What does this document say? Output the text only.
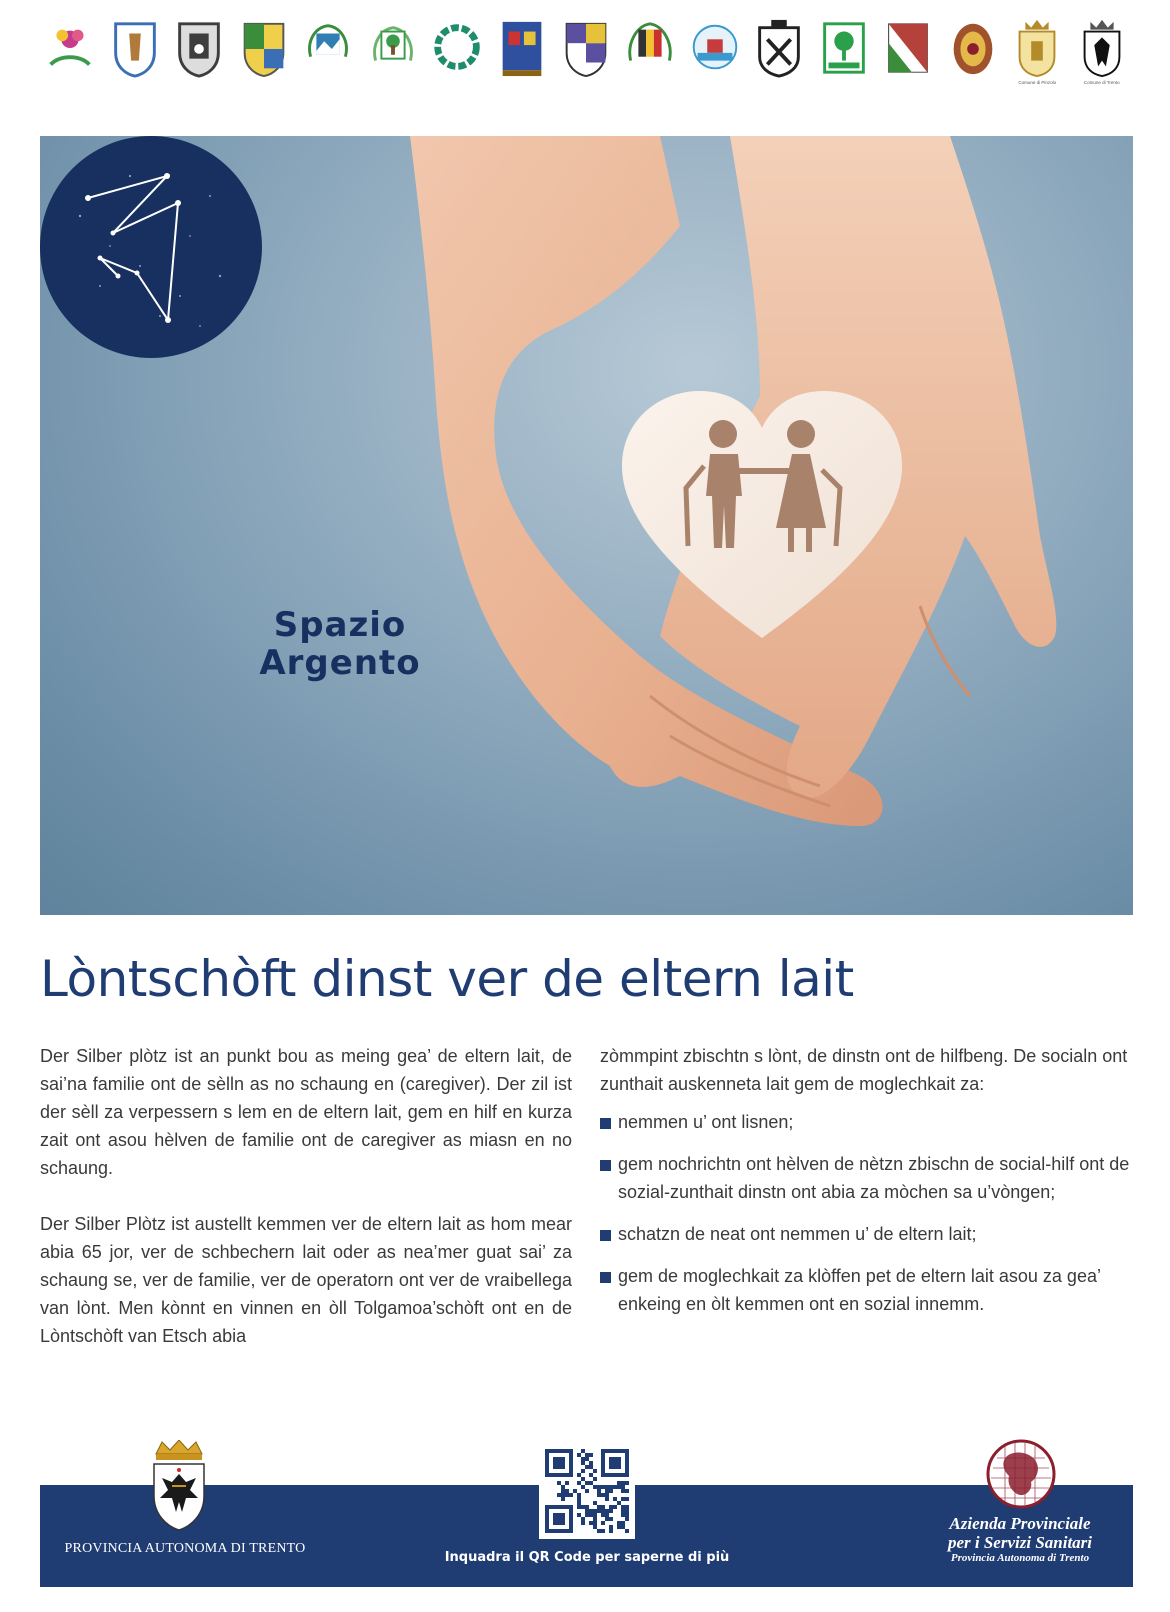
Comune di Pinzolo	Comune di Trento
Spazio
Argento
Lòntschòft dinst ver de eltern lait

Der Silber plòtz ist an punkt bou as meing gea’ de eltern lait, de sai’na familie ont de sèlln as no schaung en (caregiver). Der zil ist der sèll za verpessern s lem en de eltern lait, gem en hilf en kurza zait ont asou hèlven de familie ont de caregiver as miasn en no schaung.

Der Silber Plòtz ist austellt kemmen ver de eltern lait as hom mear abia 65 jor, ver de schbechern lait oder as nea’mer guat sai’ za schaung se, ver de familie, ver de operatorn ont ver de vraibellega van lònt. Men kònnt en vinnen en òll Tolgamoa’schòft ont en de Lòntschòft van Etsch abia

zòmmpint zbischtn s lònt, de dinstn ont de hilfbeng. De socialn ont zunthait auskenneta lait gem de moglechkait za:

nemmen u’ ont lisnen;
gem nochrichtn ont hèlven de nètzn zbischn de social-hilf ont de sozial-zunthait dinstn ont abia za mòchen sa u’vòngen;
schatzn de neat ont nemmen u’ de eltern lait;
gem de moglechkait za klòffen pet de eltern lait asou za gea’ enkeing en òlt kemmen ont en sozial innemm.
PROVINCIA AUTONOMA DI TRENTO
Inquadra il QR Code per saperne di più
Azienda Provinciale
per i Servizi Sanitari
Provincia Autonoma di Trento
